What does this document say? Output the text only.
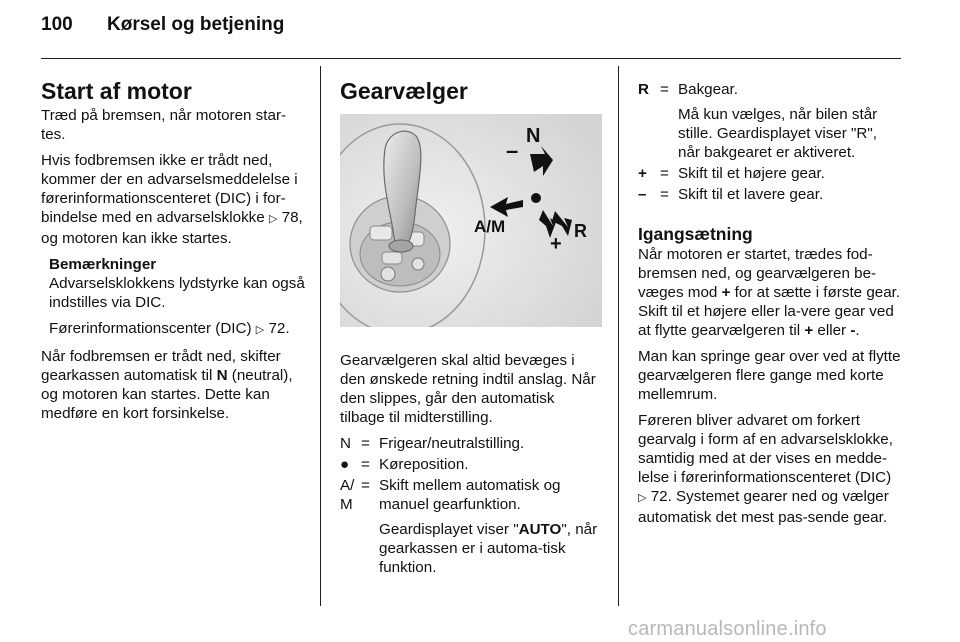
100 Kørsel og betjening
Start af motor

Træd på bremsen, når motoren star-tes.

Hvis fodbremsen ikke er trådt ned, kommer der en advarselsmeddelelse i førerinformationscenteret (DIC) i for-bindelse med en advarselsklokke ▷ 78, og motoren kan ikke startes.

Bemærkninger

Advarselsklokkens lydstyrke kan også indstilles via DIC.

Førerinformationscenter (DIC) ▷ 72.

Når fodbremsen er trådt ned, skifter gearkassen automatisk til N (neutral), og motoren kan startes. Dette kan medføre en kort forsinkelse.

Gearvælger
N
–
A/M
+
R

Gearvælgeren skal altid bevæges i den ønskede retning indtil anslag. Når den slippes, går den automatisk tilbage til midterstilling.

N = Frigear/neutralstilling.
● = Køreposition.
A/ M
= Skift mellem automatisk og manuel gearfunktion.
Geardisplayet viser "AUTO", når gearkassen er i automa-tisk funktion.
R = Bakgear.
Må kun vælges, når bilen står stille. Geardisplayet viser "R", når bakgearet er aktiveret.
+ = Skift til et højere gear.
– = Skift til et lavere gear.
Igangsætning

Når motoren er startet, trædes fod-bremsen ned, og gearvælgeren be-væges mod + for at sætte i første gear. Skift til et højere eller la-vere gear ved at flytte gearvælgeren til + eller -.

Man kan springe gear over ved at flytte gearvælgeren flere gange med korte mellemrum.

Føreren bliver advaret om forkert gearvalg i form af en advarselsklokke, samtidig med at der vises en medde-lelse i førerinformationscenteret (DIC) ▷ 72. Systemet gearer ned og vælger automatisk det mest pas-sende gear.

carmanualsonline.info
